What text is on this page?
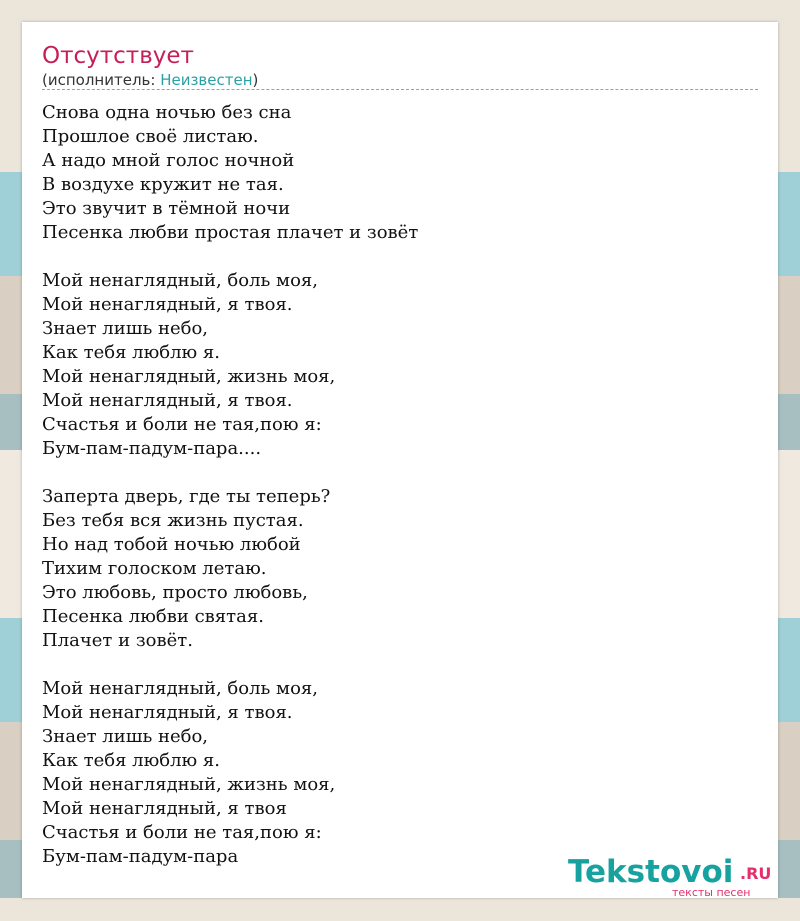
Отсутствует

(исполнитель: Неизвестен)

Снова одна ночью без сна
Прошлое своё листаю.
А надо мной голос ночной
В воздухе кружит не тая.
Это звучит в тёмной ночи
Песенка любви простая плачет и зовёт
Мой ненаглядный, боль моя,
Мой ненаглядный, я твоя.
Знает лишь небо,
Как тебя люблю я.
Мой ненаглядный, жизнь моя,
Мой ненаглядный, я твоя.
Счастья и боли не тая,пою я:
Бум-пам-падум-пара....
Заперта дверь, где ты теперь?
Без тебя вся жизнь пустая.
Но над тобой ночью любой
Тихим голоском летаю.
Это любовь, просто любовь,
Песенка любви святая.
Плачет и зовёт.
Мой ненаглядный, боль моя,
Мой ненаглядный, я твоя.
Знает лишь небо,
Как тебя люблю я.
Мой ненаглядный, жизнь моя,
Мой ненаглядный, я твоя
Счастья и боли не тая,пою я:
Бум-пам-падум-пара	Tekstovoi .RU
тексты песен
